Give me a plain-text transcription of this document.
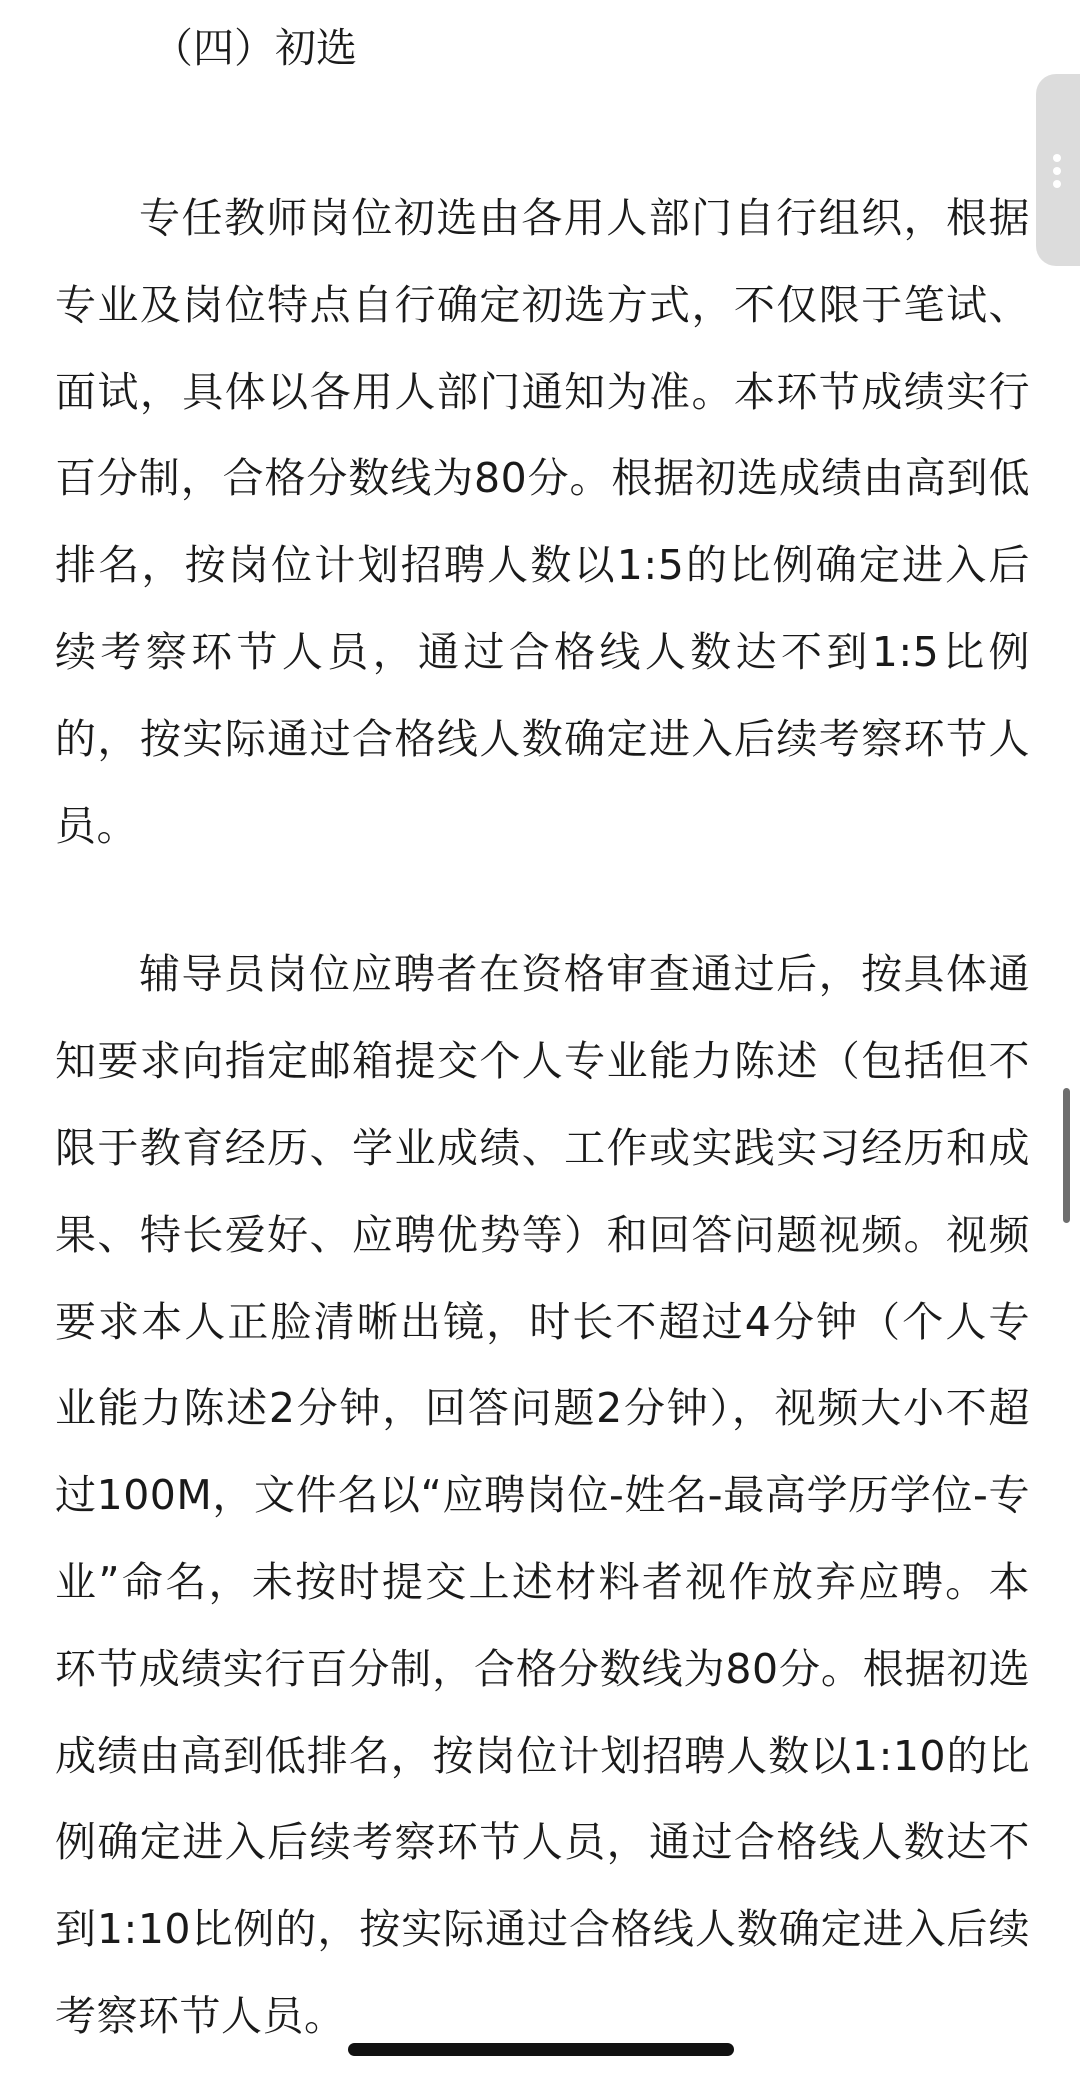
（四）初选

专任教师岗位初选由各用人部门自行组织，根据专业及岗位特点自行确定初选方式，不仅限于笔试、面试，具体以各用人部门通知为准。本环节成绩实行百分制，合格分数线为80分。根据初选成绩由高到低排名，按岗位计划招聘人数以1:5的比例确定进入后续考察环节人员，通过合格线人数达不到1:5比例的，按实际通过合格线人数确定进入后续考察环节人员。

辅导员岗位应聘者在资格审查通过后，按具体通知要求向指定邮箱提交个人专业能力陈述（包括但不限于教育经历、学业成绩、工作或实践实习经历和成果、特长爱好、应聘优势等）和回答问题视频。视频要求本人正脸清晰出镜，时长不超过4分钟（个人专业能力陈述2分钟，回答问题2分钟），视频大小不超过100M，文件名以“应聘岗位-姓名-最高学历学位-专业”命名，未按时提交上述材料者视作放弃应聘。本环节成绩实行百分制，合格分数线为80分。根据初选成绩由高到低排名，按岗位计划招聘人数以1:10的比例确定进入后续考察环节人员，通过合格线人数达不到1:10比例的，按实际通过合格线人数确定进入后续考察环节人员。
